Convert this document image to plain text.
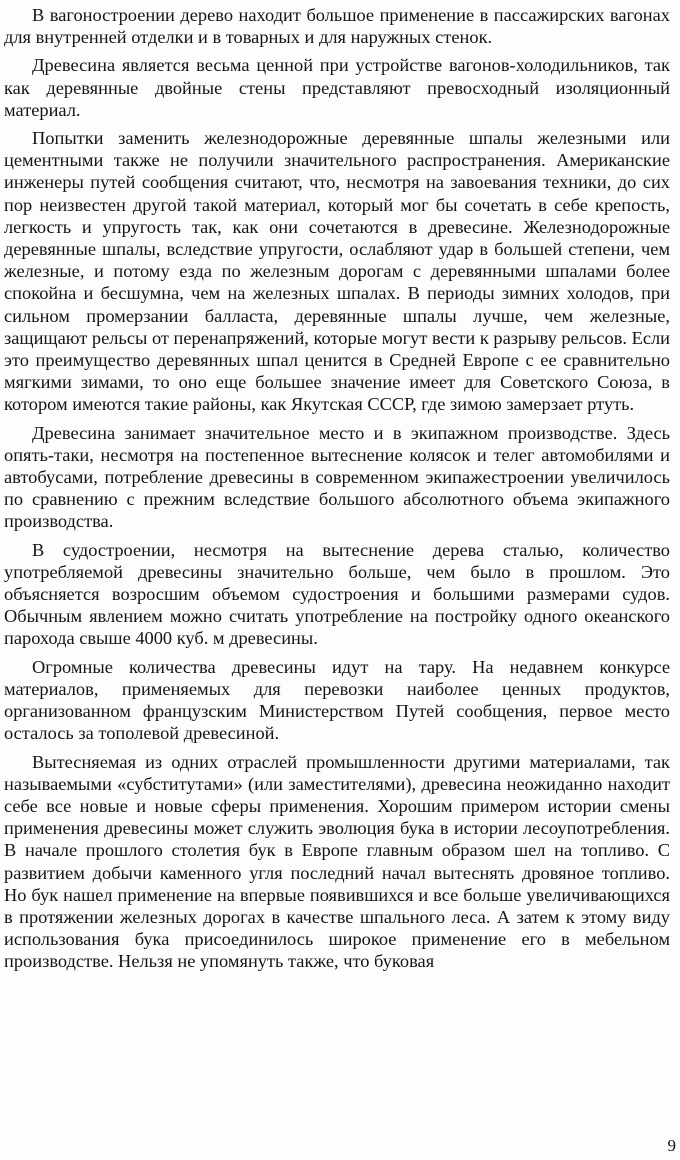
В вагоностроении дерево находит большое применение в пассажирских вагонах для внутренней отделки и в товарных и для наружных стенок.

Древесина является весьма ценной при устройстве вагонов-холодильников, так как деревянные двойные стены представляют превосходный изоляционный материал.

Попытки заменить железнодорожные деревянные шпалы железными или цементными также не получили значительного распространения. Американские инженеры путей сообщения считают, что, несмотря на завоевания техники, до сих пор неизвестен другой такой материал, который мог бы сочетать в себе крепость, легкость и упругость так, как они сочетаются в древесине. Железнодорожные деревянные шпалы, вследствие упругости, ослабляют удар в большей степени, чем железные, и потому езда по железным дорогам с деревянными шпалами более спокойна и бесшумна, чем на железных шпалах. В периоды зимних холодов, при сильном промерзании балласта, деревянные шпалы лучше, чем железные, защищают рельсы от перенапряжений, которые могут вести к разрыву рельсов. Если это преимущество деревянных шпал ценится в Средней Европе с ее сравнительно мягкими зимами, то оно еще большее значение имеет для Советского Союза, в котором имеются такие районы, как Якутская СССР, где зимою замерзает ртуть.

Древесина занимает значительное место и в экипажном производстве. Здесь опять-таки, несмотря на постепенное вытеснение колясок и телег автомобилями и автобусами, потребление древесины в современном экипажестроении увеличилось по сравнению с прежним вследствие большого абсолютного объема экипажного производства.

В судостроении, несмотря на вытеснение дерева сталью, количество употребляемой древесины значительно больше, чем было в прошлом. Это объясняется возросшим объемом судостроения и большими размерами судов. Обычным явлением можно считать употребление на постройку одного океанского парохода свыше 4000 куб. м древесины.

Огромные количества древесины идут на тару. На недавнем конкурсе материалов, применяемых для перевозки наиболее ценных продуктов, организованном французским Министерством Путей сообщения, первое место осталось за тополевой древесиной.

Вытесняемая из одних отраслей промышленности другими материалами, так называемыми «субститутами» (или заместителями), древесина неожиданно находит себе все новые и новые сферы применения. Хорошим примером истории смены применения древесины может служить эволюция бука в истории лесоупотребления. В начале прошлого столетия бук в Европе главным образом шел на топливо. С развитием добычи каменного угля последний начал вытеснять дровяное топливо. Но бук нашел применение на впервые появившихся и все больше увеличивающихся в протяжении железных дорогах в качестве шпального леса. А затем к этому виду использования бука присоединилось широкое применение его в мебельном производстве. Нельзя не упомянуть также, что буковая

9
